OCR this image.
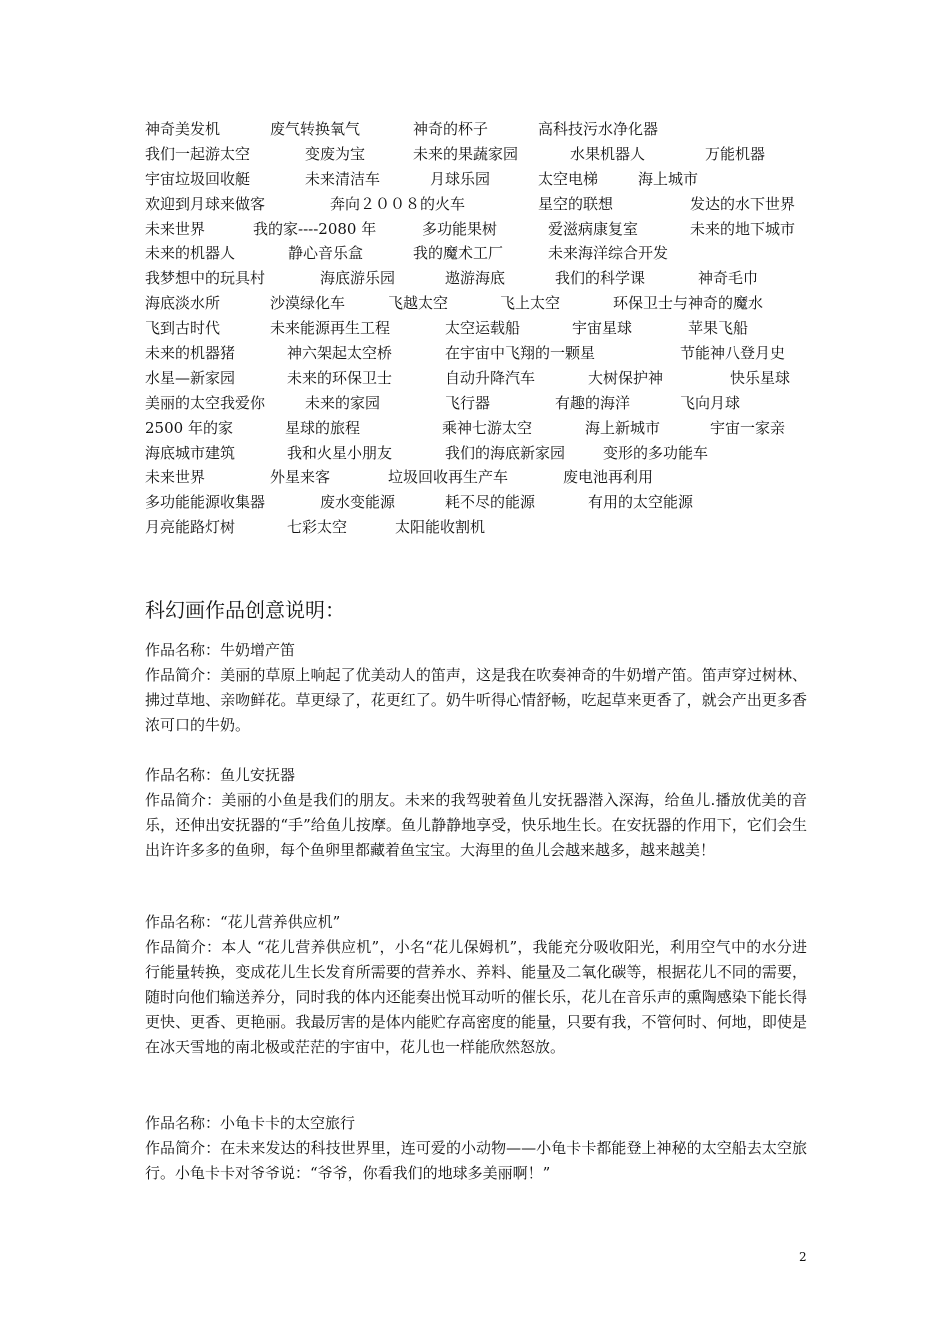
神奇美发机	废气转换氧气	神奇的杯子	高科技污水净化器
我们一起游太空	变废为宝	未来的果蔬家园	水果机器人	万能机器
宇宙垃圾回收艇	未来清洁车	月球乐园	太空电梯	海上城市
欢迎到月球来做客	奔向２００８的火车	星空的联想	发达的水下世界
未来世界	我的家----2080 年	多功能果树	爱滋病康复室	未来的地下城市
未来的机器人	静心音乐盒	我的魔术工厂	未来海洋综合开发
我梦想中的玩具村	海底游乐园	遨游海底	我们的科学课	神奇毛巾
海底淡水所	沙漠绿化车	飞越太空	飞上太空	环保卫士与神奇的魔水
飞到古时代	未来能源再生工程	太空运载船	宇宙星球	苹果飞船
未来的机器猪	神六架起太空桥	在宇宙中飞翔的一颗星	节能神八登月史
水星—新家园	未来的环保卫士	自动升降汽车	大树保护神	快乐星球
美丽的太空我爱你	未来的家园	飞行器	有趣的海洋	飞向月球
2500 年的家	星球的旅程	乘神七游太空	海上新城市	宇宙一家亲
海底城市建筑	我和火星小朋友	我们的海底新家园	变形的多功能车
未来世界	外星来客	垃圾回收再生产车	废电池再利用
多功能能源收集器	废水变能源	耗不尽的能源	有用的太空能源
月亮能路灯树	七彩太空	太阳能收割机
科幻画作品创意说明：

作品名称：牛奶增产笛

作品简介：美丽的草原上响起了优美动人的笛声，这是我在吹奏神奇的牛奶增产笛。笛声穿过树林、拂过草地、亲吻鲜花。草更绿了，花更红了。奶牛听得心情舒畅，吃起草来更香了，就会产出更多香浓可口的牛奶。

作品名称：鱼儿安抚器

作品简介：美丽的小鱼是我们的朋友。未来的我驾驶着鱼儿安抚器潜入深海，给鱼儿.播放优美的音乐，还伸出安抚器的“手”给鱼儿按摩。鱼儿静静地享受，快乐地生长。在安抚器的作用下，它们会生出许许多多的鱼卵，每个鱼卵里都藏着鱼宝宝。大海里的鱼儿会越来越多，越来越美！

作品名称：“花儿营养供应机”

作品简介：本人 “花儿营养供应机”，小名“花儿保姆机”，我能充分吸收阳光，利用空气中的水分进行能量转换，变成花儿生长发育所需要的营养水、养料、能量及二氧化碳等，根据花儿不同的需要，随时向他们输送养分，同时我的体内还能奏出悦耳动听的催长乐，花儿在音乐声的熏陶感染下能长得更快、更香、更艳丽。我最厉害的是体内能贮存高密度的能量，只要有我，不管何时、何地，即使是在冰天雪地的南北极或茫茫的宇宙中，花儿也一样能欣然怒放。

作品名称：小龟卡卡的太空旅行

作品简介：在未来发达的科技世界里，连可爱的小动物——小龟卡卡都能登上神秘的太空船去太空旅行。小龟卡卡对爷爷说：“爷爷，你看我们的地球多美丽啊！”

2
